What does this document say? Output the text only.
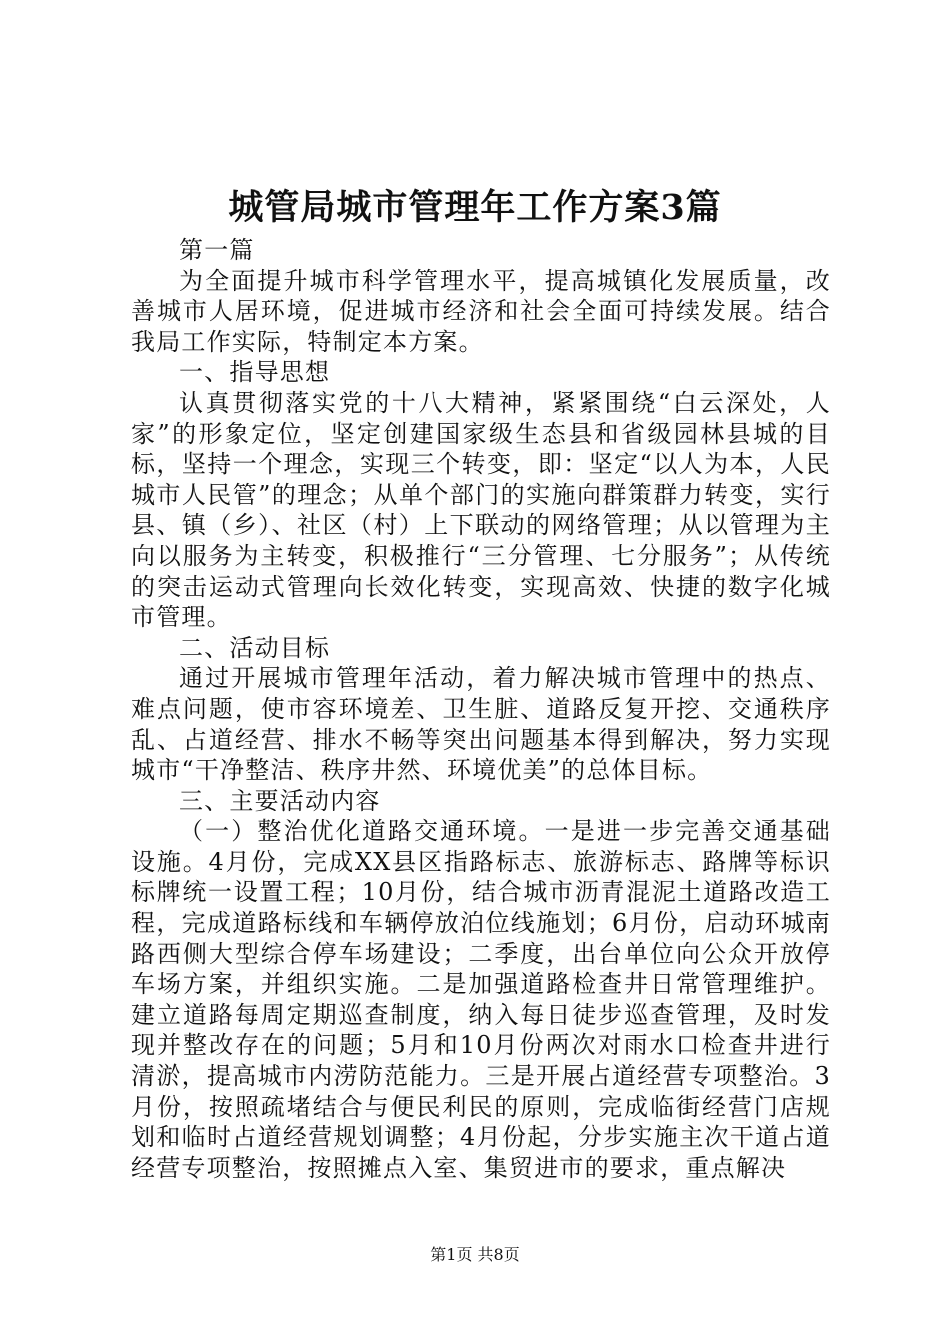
城管局城市管理年工作方案3篇

第一篇

为全面提升城市科学管理水平，提高城镇化发展质量，改善城市人居环境，促进城市经济和社会全面可持续发展。结合我局工作实际，特制定本方案。

一、指导思想

认真贯彻落实党的十八大精神，紧紧围绕“白云深处，人家”的形象定位，坚定创建国家级生态县和省级园林县城的目标，坚持一个理念，实现三个转变，即：坚定“以人为本，人民城市人民管”的理念；从单个部门的实施向群策群力转变，实行县、镇（乡）、社区（村）上下联动的网络管理；从以管理为主向以服务为主转变，积极推行“三分管理、七分服务”；从传统的突击运动式管理向长效化转变，实现高效、快捷的数字化城市管理。

二、活动目标

通过开展城市管理年活动，着力解决城市管理中的热点、难点问题，使市容环境差、卫生脏、道路反复开挖、交通秩序乱、占道经营、排水不畅等突出问题基本得到解决，努力实现城市“干净整洁、秩序井然、环境优美”的总体目标。

三、主要活动内容

（一）整治优化道路交通环境。一是进一步完善交通基础设施。4月份，完成XX县区指路标志、旅游标志、路牌等标识标牌统一设置工程；10月份，结合城市沥青混泥土道路改造工程，完成道路标线和车辆停放泊位线施划；6月份，启动环城南路西侧大型综合停车场建设；二季度，出台单位向公众开放停车场方案，并组织实施。二是加强道路检查井日常管理维护。建立道路每周定期巡查制度，纳入每日徒步巡查管理，及时发现并整改存在的问题；5月和10月份两次对雨水口检查井进行清淤，提高城市内涝防范能力。三是开展占道经营专项整治。3月份，按照疏堵结合与便民利民的原则，完成临街经营门店规划和临时占道经营规划调整；4月份起，分步实施主次干道占道经营专项整治，按照摊点入室、集贸进市的要求，重点解决

第1页 共8页
